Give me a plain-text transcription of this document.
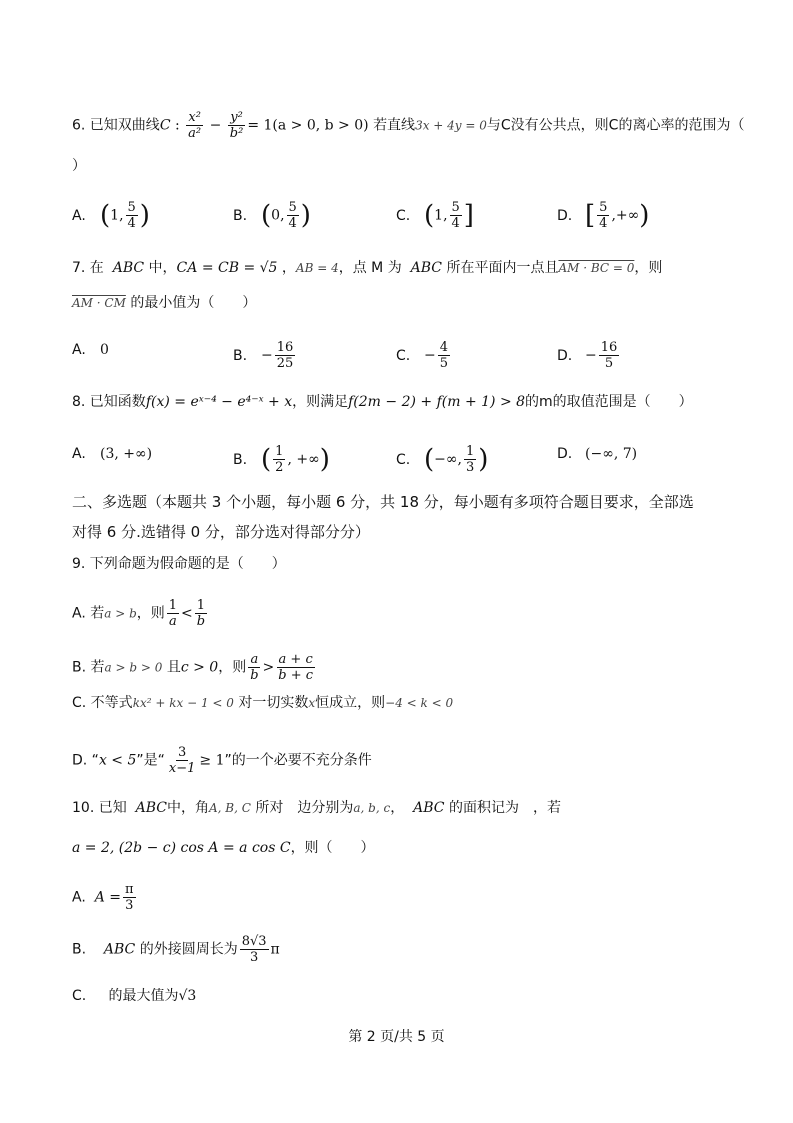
6. 已知双曲线C : $\frac{\text{x²}}{\text{a²}} - \frac{\text{y²}}{\text{b²}} = 1(a > 0$, b > 0) 若直线3x + 4y = 0与C没有公共点，则C的离心率的范围为（
）
A. (1, $\frac{5}{4}$ )	B. (0, $\frac{5}{4}$ )	C. (1, $\frac{5}{4}$ ]	D. [ $\frac{5}{4}$ ,+∞)
7. 在 ABC 中，CA = CB = √5 ，AB = 4，点 M 为 ABC 所在平面内一点且AM · BC = 0，则
AM · CM 的最小值为（　　）
A. 0	B. − $\frac{16}{25}$	C. − $\frac{4}{5}$	D. − $\frac{16}{5}$
8. 已知函数f(x) = eˣ⁻⁴ − e⁴⁻ˣ + x，则满足f(2m − 2) + f(m + 1) > 8的m的取值范围是（　　）
A. (3, +∞)	B. ( $\frac{1}{2}$ , +∞)	C. (−∞, $\frac{1}{3}$ )	D. (−∞, 7)
二、多选题（本题共 3 个小题，每小题 6 分，共 18 分，每小题有多项符合题目要求，全部选
对得 6 分.选错得 0 分，部分选对得部分分）
9. 下列命题为假命题的是（　　）
A. 若a > b，则 $\frac{1}{a} < \frac{1}{b}$
B. 若a > b > 0 且c > 0，则 $\frac{a}{b} > \frac{a + c}{b + c}$
C. 不等式kx² + kx − 1 < 0 对一切实数x恒成立，则−4 < k < 0
D. “x < 5”是“ $\frac{3}{x-1} \ge 1$”的一个必要不充分条件
10. 已知 ABC中，角A, B, C 所对　边分别为a, b, c， ABC 的面积记为　，若
a = 2, (2b − c) cos A = a cos C，则（　　）
A. $A = \frac{\pi}{3}$
B. ABC 的外接圆周长为 $\frac{8√3}{3}$ π
C. 的最大值为√3
第 2 页/共 5 页
